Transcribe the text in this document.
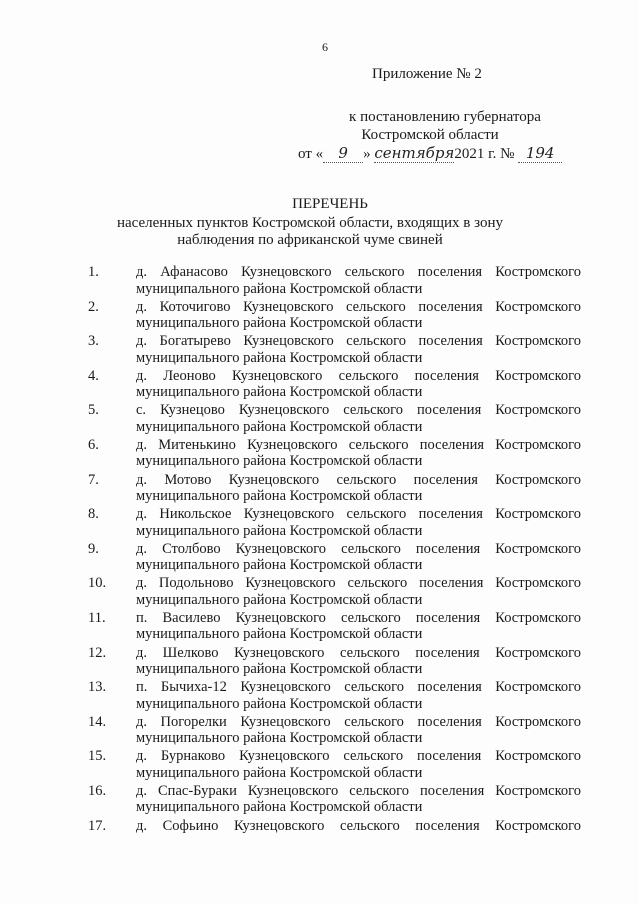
6
Приложение № 2
к постановлению губернатора
Костромской области
от « 9 » сентября2021 г. № 194
ПЕРЕЧЕНЬ
населенных пунктов Костромской области, входящих в зону
наблюдения по африканской чуме свиней
1.	д. Афанасово Кузнецовского сельского поселения Костромского
муниципального района Костромской области
2.	д. Коточигово Кузнецовского сельского поселения Костромского
муниципального района Костромской области
3.	д. Богатырево Кузнецовского сельского поселения Костромского
муниципального района Костромской области
4.	д. Леоново Кузнецовского сельского поселения Костромского
муниципального района Костромской области
5.	с. Кузнецово Кузнецовского сельского поселения Костромского
муниципального района Костромской области
6.	д. Митенькино Кузнецовского сельского поселения Костромского
муниципального района Костромской области
7.	д. Мотово Кузнецовского сельского поселения Костромского
муниципального района Костромской области
8.	д. Никольское Кузнецовского сельского поселения Костромского
муниципального района Костромской области
9.	д. Столбово Кузнецовского сельского поселения Костромского
муниципального района Костромской области
10.	д. Подольново Кузнецовского сельского поселения Костромского
муниципального района Костромской области
11.	п. Василево Кузнецовского сельского поселения Костромского
муниципального района Костромской области
12.	д. Шелково Кузнецовского сельского поселения Костромского
муниципального района Костромской области
13.	п. Бычиха-12 Кузнецовского сельского поселения Костромского
муниципального района Костромской области
14.	д. Погорелки Кузнецовского сельского поселения Костромского
муниципального района Костромской области
15.	д. Бурнаково Кузнецовского сельского поселения Костромского
муниципального района Костромской области
16.	д. Спас-Бураки Кузнецовского сельского поселения Костромского
муниципального района Костромской области
17.	д. Софьино Кузнецовского сельского поселения Костромского
